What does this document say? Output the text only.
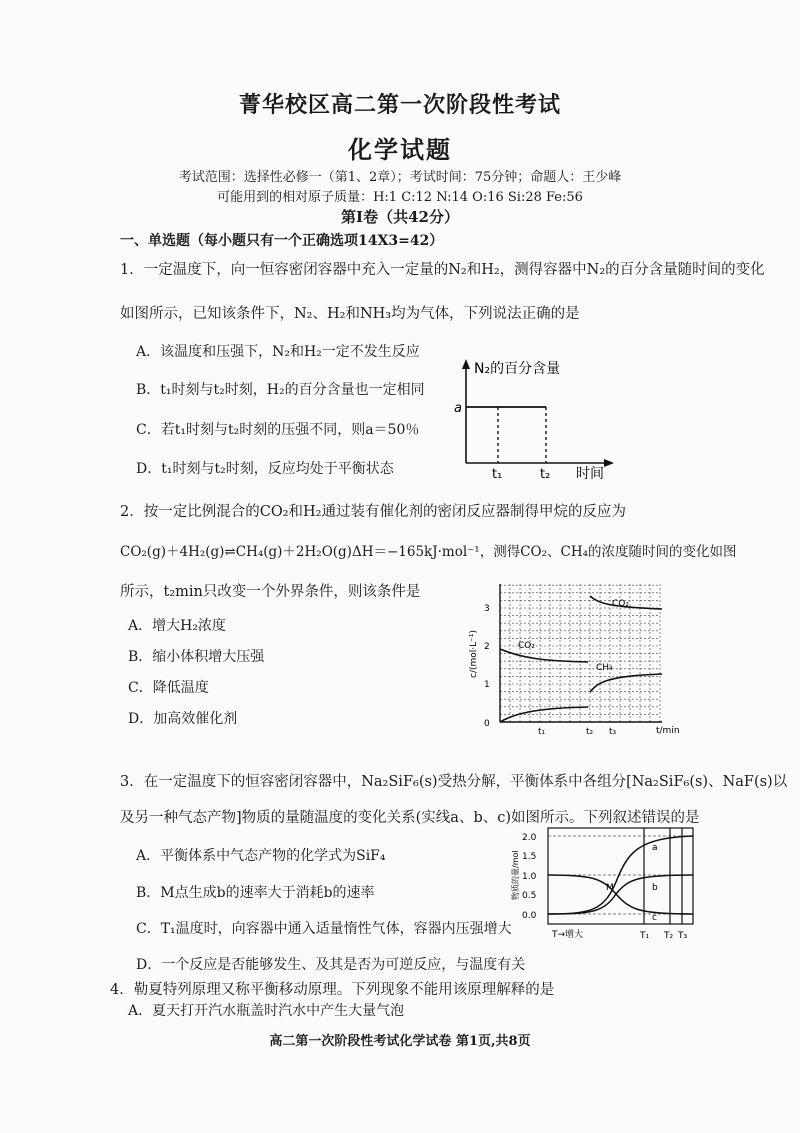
菁华校区高二第一次阶段性考试
化学试题
考试范围：选择性必修一（第1、2章）；考试时间：75分钟；命题人：王少峰
可能用到的相对原子质量：H:1 C:12 N:14 O:16 Si:28 Fe:56
第Ⅰ卷（共42分）
一、单选题（每小题只有一个正确选项14X3=42）
1．一定温度下，向一恒容密闭容器中充入一定量的N₂和H₂，测得容器中N₂的百分含量随时间的变化
如图所示，已知该条件下，N₂、H₂和NH₃均为气体，下列说法正确的是
A．该温度和压强下，N₂和H₂一定不发生反应
B．t₁时刻与t₂时刻，H₂的百分含量也一定相同
C．若t₁时刻与t₂时刻的压强不同，则a＝50％
D．t₁时刻与t₂时刻，反应均处于平衡状态
N₂的百分含量
a
t₁	t₂ 时间
2．按一定比例混合的CO₂和H₂通过装有催化剂的密闭反应器制得甲烷的反应为
CO₂(g)＋4H₂(g)⇌CH₄(g)＋2H₂O(g)ΔH＝−165kJ·mol⁻¹，测得CO₂、CH₄的浓度随时间的变化如图
所示，t₂min只改变一个外界条件，则该条件是
A．增大H₂浓度
B．缩小体积增大压强
C．降低温度
D．加高效催化剂	0
1
2
3
c/(mol·L⁻¹)
t/min
t₁	t₂ t₃
CO₂
CO₂
CH₄
3．在一定温度下的恒容密闭容器中，Na₂SiF₆(s)受热分解，平衡体系中各组分[Na₂SiF₆(s)、NaF(s)以
及另一种气态产物]物质的量随温度的变化关系(实线a、b、c)如图所示。下列叙述错误的是
A．平衡体系中气态产物的化学式为SiF₄
B．M点生成b的速率大于消耗b的速率
C．T₁温度时，向容器中通入适量惰性气体，容器内压强增大
D．一个反应是否能够发生、及其是否为可逆反应，与温度有关
2.0
1.5
1.0
0.5
0.0
物质的量/mol
T→增大	T₁ T₂ T₃
a
b
c
M
4．勒夏特列原理又称平衡移动原理。下列现象不能用该原理解释的是
A．夏天打开汽水瓶盖时汽水中产生大量气泡
高二第一次阶段性考试化学试卷 第1页,共8页
